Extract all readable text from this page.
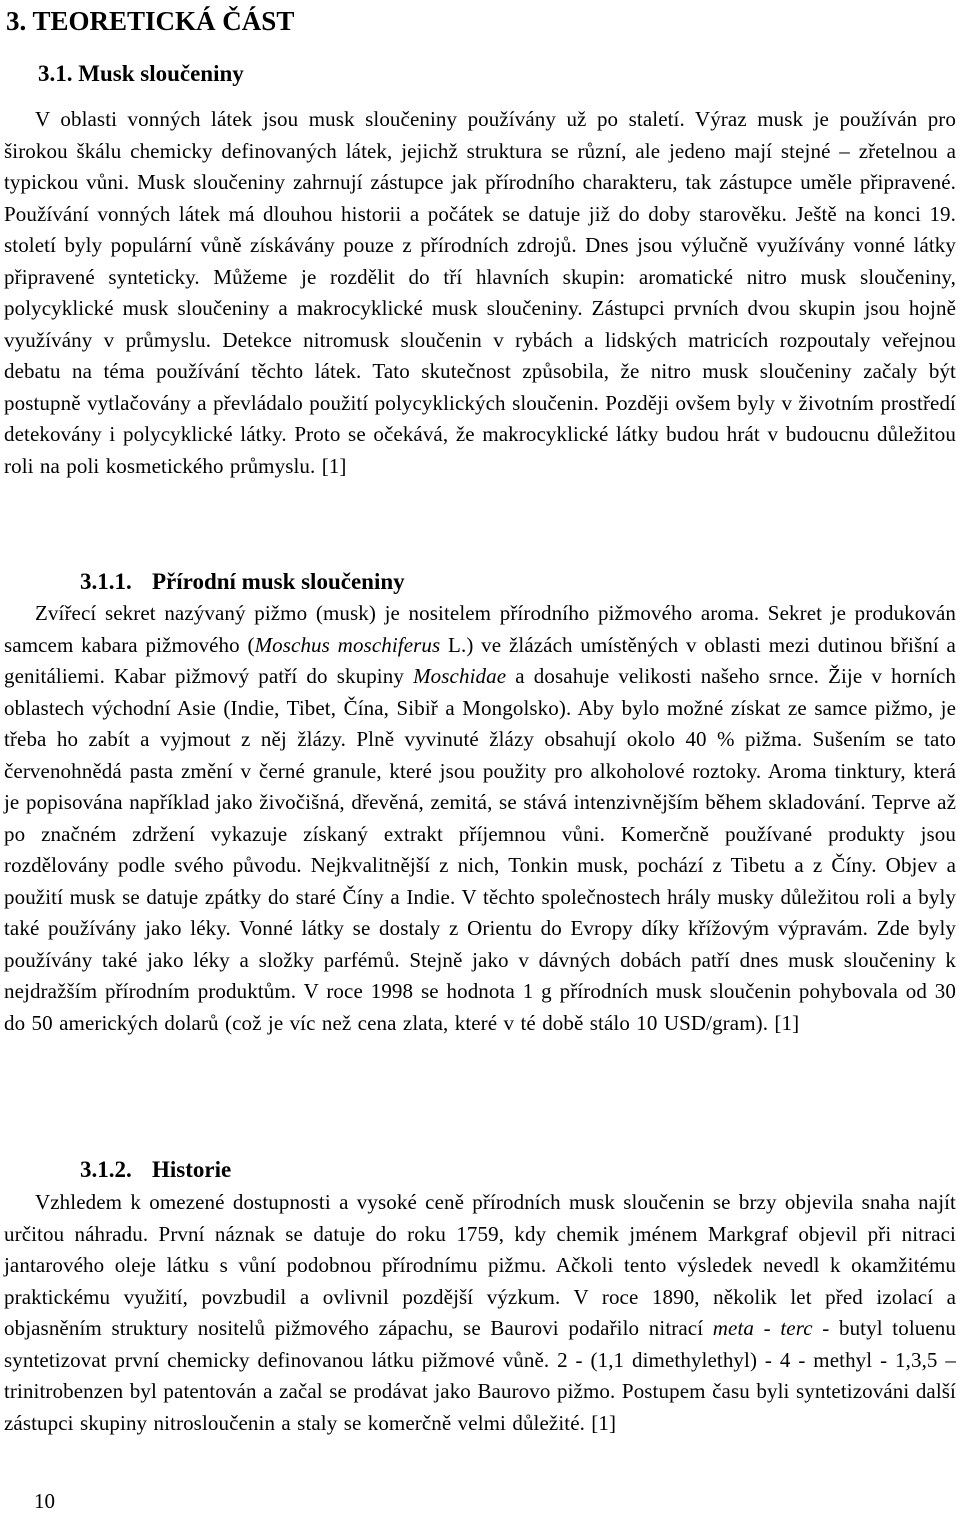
3. TEORETICKÁ ČÁST
3.1. Musk sloučeniny

V oblasti vonných látek jsou musk sloučeniny používány už po staletí. Výraz musk je používán pro širokou škálu chemicky definovaných látek, jejichž struktura se různí, ale jedeno mají stejné – zřetelnou a typickou vůni. Musk sloučeniny zahrnují zástupce jak přírodního charakteru, tak zástupce uměle připravené. Používání vonných látek má dlouhou historii a počátek se datuje již do doby starověku. Ještě na konci 19. století byly populární vůně získávány pouze z přírodních zdrojů. Dnes jsou výlučně využívány vonné látky připravené synteticky. Můžeme je rozdělit do tří hlavních skupin: aromatické nitro musk sloučeniny, polycyklické musk sloučeniny a makrocyklické musk sloučeniny. Zástupci prvních dvou skupin jsou hojně využívány v průmyslu. Detekce nitromusk sloučenin v rybách a lidských matricích rozpoutaly veřejnou debatu na téma používání těchto látek. Tato skutečnost způsobila, že nitro musk sloučeniny začaly být postupně vytlačovány a převládalo použití polycyklických sloučenin. Později ovšem byly v životním prostředí detekovány i polycyklické látky. Proto se očekává, že makrocyklické látky budou hrát v budoucnu důležitou roli na poli kosmetického průmyslu. [1]

3.1.1. Přírodní musk sloučeniny

Zvířecí sekret nazývaný pižmo (musk) je nositelem přírodního pižmového aroma. Sekret je produkován samcem kabara pižmového (Moschus moschiferus L.) ve žlázách umístěných v oblasti mezi dutinou břišní a genitáliemi. Kabar pižmový patří do skupiny Moschidae a dosahuje velikosti našeho srnce. Žije v horních oblastech východní Asie (Indie, Tibet, Čína, Sibiř a Mongolsko). Aby bylo možné získat ze samce pižmo, je třeba ho zabít a vyjmout z něj žlázy. Plně vyvinuté žlázy obsahují okolo 40 % pižma. Sušením se tato červenohnědá pasta změní v černé granule, které jsou použity pro alkoholové roztoky. Aroma tinktury, která je popisována například jako živočišná, dřevěná, zemitá, se stává intenzivnějším během skladování. Teprve až po značném zdržení vykazuje získaný extrakt příjemnou vůni. Komerčně používané produkty jsou rozdělovány podle svého původu. Nejkvalitnější z nich, Tonkin musk, pochází z Tibetu a z Číny. Objev a použití musk se datuje zpátky do staré Číny a Indie. V těchto společnostech hrály musky důležitou roli a byly také používány jako léky. Vonné látky se dostaly z Orientu do Evropy díky křížovým výpravám. Zde byly používány také jako léky a složky parfémů. Stejně jako v dávných dobách patří dnes musk sloučeniny k nejdražším přírodním produktům. V roce 1998 se hodnota 1 g přírodních musk sloučenin pohybovala od 30 do 50 amerických dolarů (což je víc než cena zlata, které v té době stálo 10 USD/gram). [1]

3.1.2. Historie

Vzhledem k omezené dostupnosti a vysoké ceně přírodních musk sloučenin se brzy objevila snaha najít určitou náhradu. První náznak se datuje do roku 1759, kdy chemik jménem Markgraf objevil při nitraci jantarového oleje látku s vůní podobnou přírodnímu pižmu. Ačkoli tento výsledek nevedl k okamžitému praktickému využití, povzbudil a ovlivnil pozdější výzkum. V roce 1890, několik let před izolací a objasněním struktury nositelů pižmového zápachu, se Baurovi podařilo nitrací meta - terc - butyl toluenu syntetizovat první chemicky definovanou látku pižmové vůně. 2 - (1,1 dimethylethyl) - 4 - methyl - 1,3,5 – trinitrobenzen byl patentován a začal se prodávat jako Baurovo pižmo. Postupem času byli syntetizováni další zástupci skupiny nitrosloučenin a staly se komerčně velmi důležité. [1]

10
